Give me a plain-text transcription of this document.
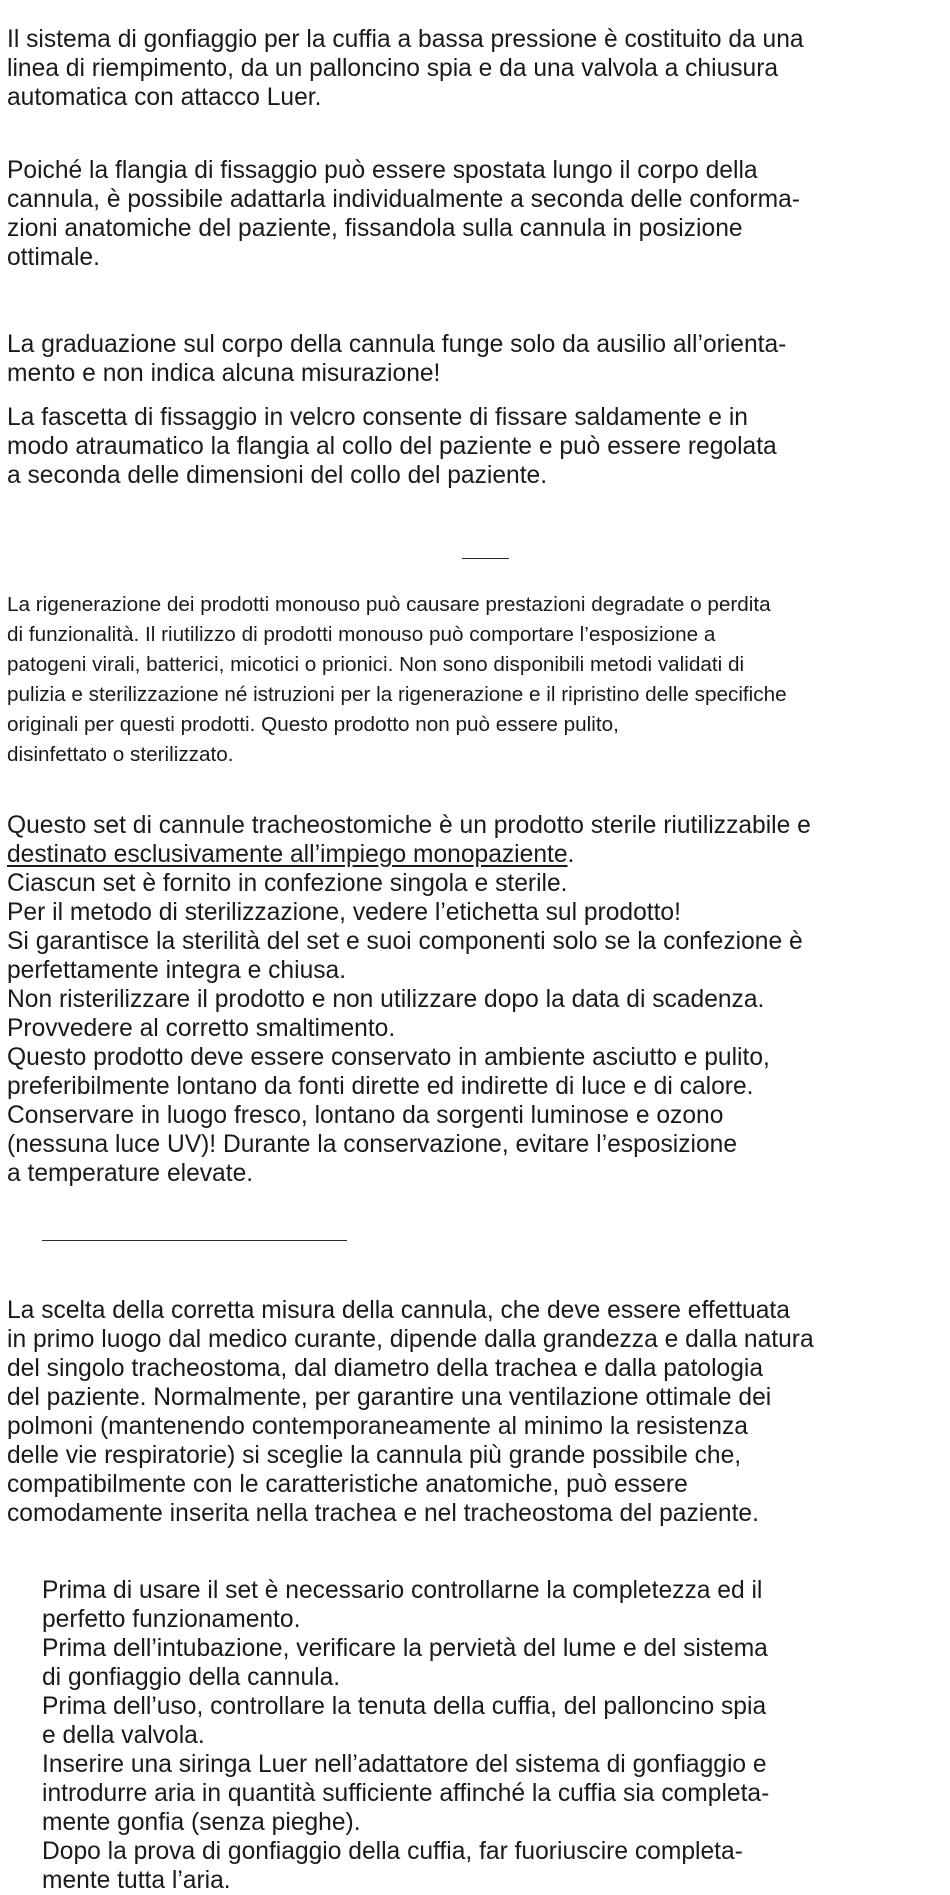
Il sistema di gonfiaggio per la cuffia a bassa pressione è costituito da una
linea di riempimento, da un palloncino spia e da una valvola a chiusura
automatica con attacco Luer.
Poiché la flangia di fissaggio può essere spostata lungo il corpo della
cannula, è possibile adattarla individualmente a seconda delle conforma-
zioni anatomiche del paziente, fissandola sulla cannula in posizione
ottimale.
La graduazione sul corpo della cannula funge solo da ausilio all’orienta-
mento e non indica alcuna misurazione!
La fascetta di fissaggio in velcro consente di fissare saldamente e in
modo atraumatico la flangia al collo del paziente e può essere regolata
a seconda delle dimensioni del collo del paziente.
La rigenerazione dei prodotti monouso può causare prestazioni degradate o perdita
di funzionalità. Il riutilizzo di prodotti monouso può comportare l’esposizione a
patogeni virali, batterici, micotici o prionici. Non sono disponibili metodi validati di
pulizia e sterilizzazione né istruzioni per la rigenerazione e il ripristino delle specifiche
originali per questi prodotti. Questo prodotto non può essere pulito,
disinfettato o sterilizzato.
Questo set di cannule tracheostomiche è un prodotto sterile riutilizzabile e
destinato esclusivamente all’impiego monopaziente.
Ciascun set è fornito in confezione singola e sterile.
Per il metodo di sterilizzazione, vedere l’etichetta sul prodotto!
Si garantisce la sterilità del set e suoi componenti solo se la confezione è
perfettamente integra e chiusa.
Non risterilizzare il prodotto e non utilizzare dopo la data di scadenza.
Provvedere al corretto smaltimento.
Questo prodotto deve essere conservato in ambiente asciutto e pulito,
preferibilmente lontano da fonti dirette ed indirette di luce e di calore.
Conservare in luogo fresco, lontano da sorgenti luminose e ozono
(nessuna luce UV)! Durante la conservazione, evitare l’esposizione
a temperature elevate.
La scelta della corretta misura della cannula, che deve essere effettuata
in primo luogo dal medico curante, dipende dalla grandezza e dalla natura
del singolo tracheostoma, dal diametro della trachea e dalla patologia
del paziente. Normalmente, per garantire una ventilazione ottimale dei
polmoni (mantenendo contemporaneamente al minimo la resistenza
delle vie respiratorie) si sceglie la cannula più grande possibile che,
compatibilmente con le caratteristiche anatomiche, può essere
comodamente inserita nella trachea e nel tracheostoma del paziente.
Prima di usare il set è necessario controllarne la completezza ed il
perfetto funzionamento.
Prima dell’intubazione, verificare la pervietà del lume e del sistema
di gonfiaggio della cannula.
Prima dell’uso, controllare la tenuta della cuffia, del palloncino spia
e della valvola.
Inserire una siringa Luer nell’adattatore del sistema di gonfiaggio e
introdurre aria in quantità sufficiente affinché la cuffia sia completa-
mente gonfia (senza pieghe).
Dopo la prova di gonfiaggio della cuffia, far fuoriuscire completa-
mente tutta l’aria.
